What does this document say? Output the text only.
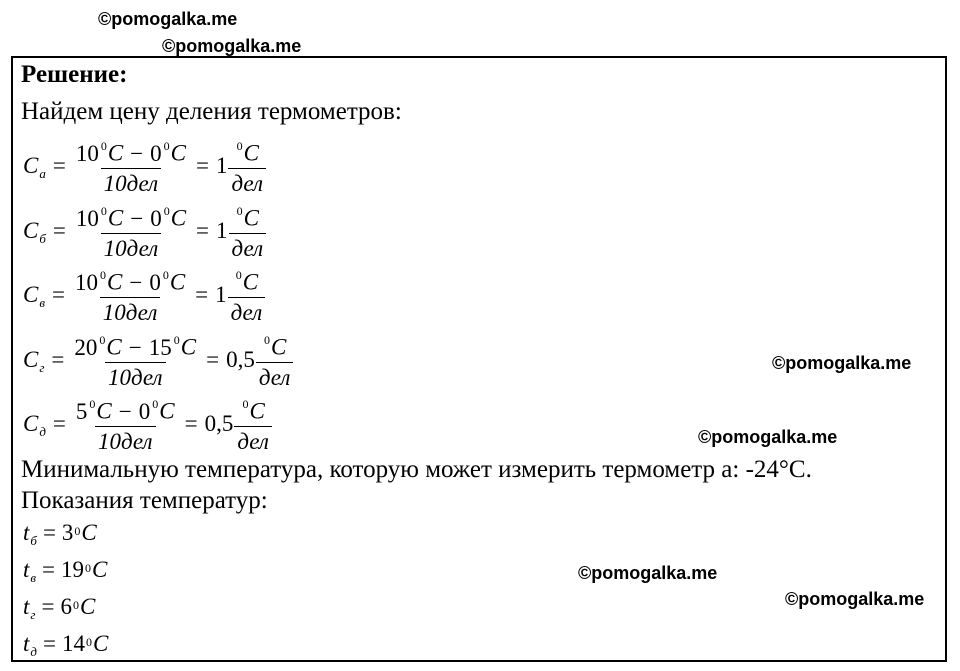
©pomogalka.me
©pomogalka.me
©pomogalka.me
©pomogalka.me
©pomogalka.me
©pomogalka.me
Решение:
Найдем цену деления термометров:
C $а = \frac{10 ^0C - 0 ^0C}{\text{10дел}} = 1 \frac{^0C}{\text{дел}}$
C $б = \frac{10 ^0C - 0 ^0C}{\text{10дел}} = 1 \frac{^0C}{\text{дел}}$
C $в = \frac{10 ^0C - 0 ^0C}{\text{10дел}} = 1 \frac{^0C}{\text{дел}}$
C $г = \frac{20 ^0C - 15 ^0C}{\text{10дел}} = 0,5 \frac{^0C}{\text{дел}}$
C $д = \frac{5 ^0C - 0 ^0C}{\text{10дел}} = 0,5 \frac{^0C}{\text{дел}}$
Минимальную температура, которую может измерить термометр а: -24°С.
Показания температур:
t $б = 3^0$ C
t $в = 19^0$ C
t $г = 6^0$ C
t $д = 14^0$ C
